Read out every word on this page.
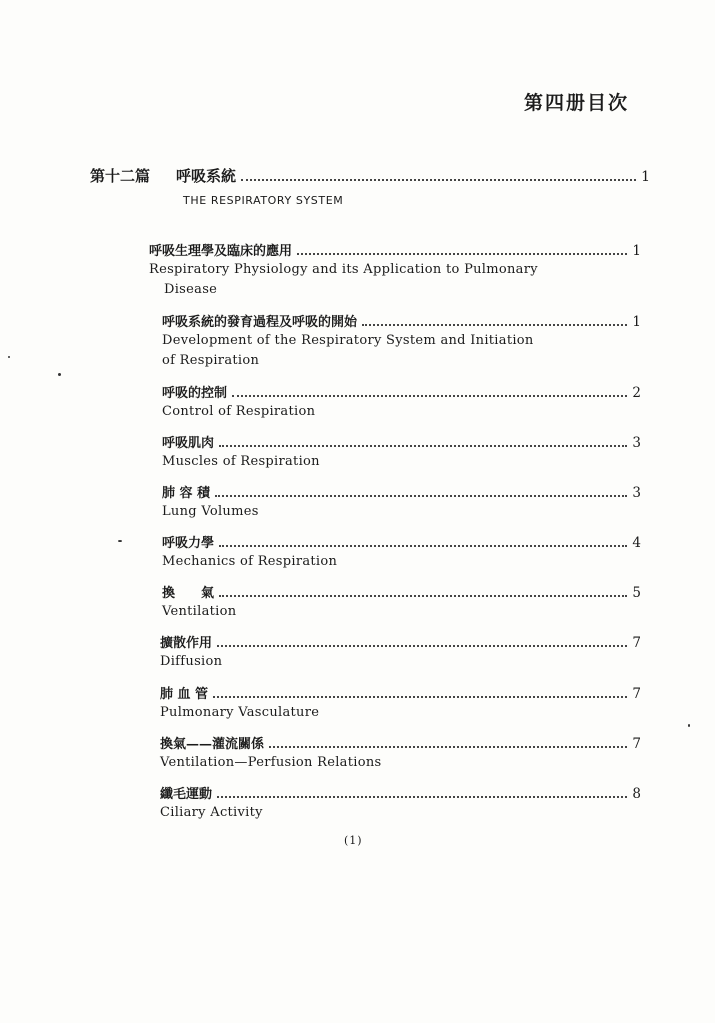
第四册目次
第十二篇 呼吸系統	1
THE RESPIRATORY SYSTEM
呼吸生理學及臨床的應用	1
Respiratory Physiology and its Application to Pulmonary
Disease
呼吸系統的發育過程及呼吸的開始	1
Development of the Respiratory System and Initiation
of Respiration
呼吸的控制	2
Control of Respiration
呼吸肌肉	3
Muscles of Respiration
肺 容 積	3
Lung Volumes
呼吸力學	4
Mechanics of Respiration
換　　氣	5
Ventilation
擴散作用	7
Diffusion
肺 血 管	7
Pulmonary Vasculature
換氣——灌流關係	7
Ventilation—Perfusion Relations
纖毛運動	8
Ciliary Activity
(1)
